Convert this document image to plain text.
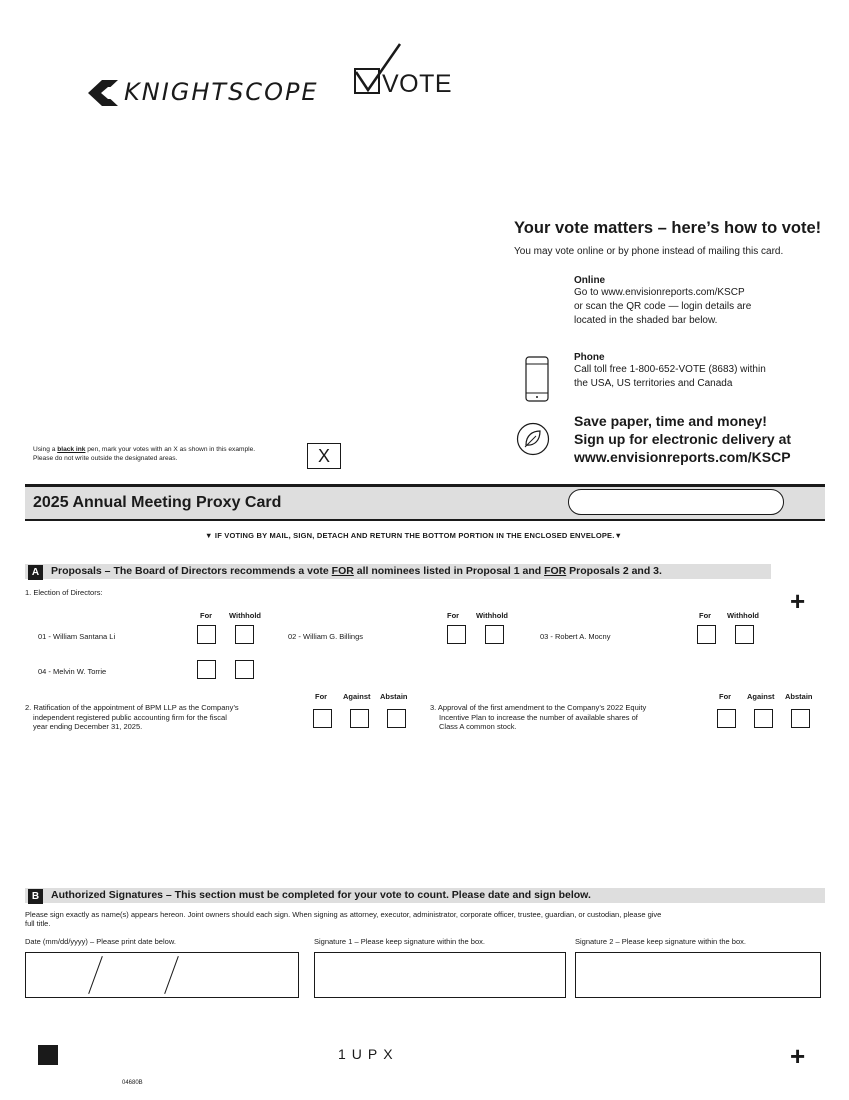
KNIGHTSCOPE	VOTE
Your vote matters – here’s how to vote!
You may vote online or by phone instead of mailing this card.
Online
Go to www.envisionreports.com/KSCP
or scan the QR code — login details are
located in the shaded bar below.
Phone
Call toll free 1-800-652-VOTE (8683) within
the USA, US territories and Canada
Save paper, time and money!
Sign up for electronic delivery at
www.envisionreports.com/KSCP
Using a black ink pen, mark your votes with an X as shown in this example.
Please do not write outside the designated areas.	X
2025 Annual Meeting Proxy Card
▼ IF VOTING BY MAIL, SIGN, DETACH AND RETURN THE BOTTOM PORTION IN THE ENCLOSED ENVELOPE.▼
A	Proposals – The Board of Directors recommends a vote FOR all nominees listed in Proposal 1 and FOR Proposals 2 and 3.
+
1. Election of Directors:
For Withhold	For Withhold	For Withhold
01 - William Santana Li	02 - William G. Billings	03 - Robert A. Mocny
04 - Melvin W. Torrie
2. Ratification of the appointment of BPM LLP as the Company’s
independent registered public accounting firm for the fiscal
year ending December 31, 2025.
For Against Abstain
3. Approval of the first amendment to the Company’s 2022 Equity
Incentive Plan to increase the number of available shares of
Class A common stock.
For Against Abstain
B	Authorized Signatures – This section must be completed for your vote to count. Please date and sign below.
Please sign exactly as name(s) appears hereon. Joint owners should each sign. When signing as attorney, executor, administrator, corporate officer, trustee, guardian, or custodian, please give
full title.
Date (mm/dd/yyyy) – Please print date below.	Signature 1 – Please keep signature within the box.	Signature 2 – Please keep signature within the box.
1UPX	+
04680B
